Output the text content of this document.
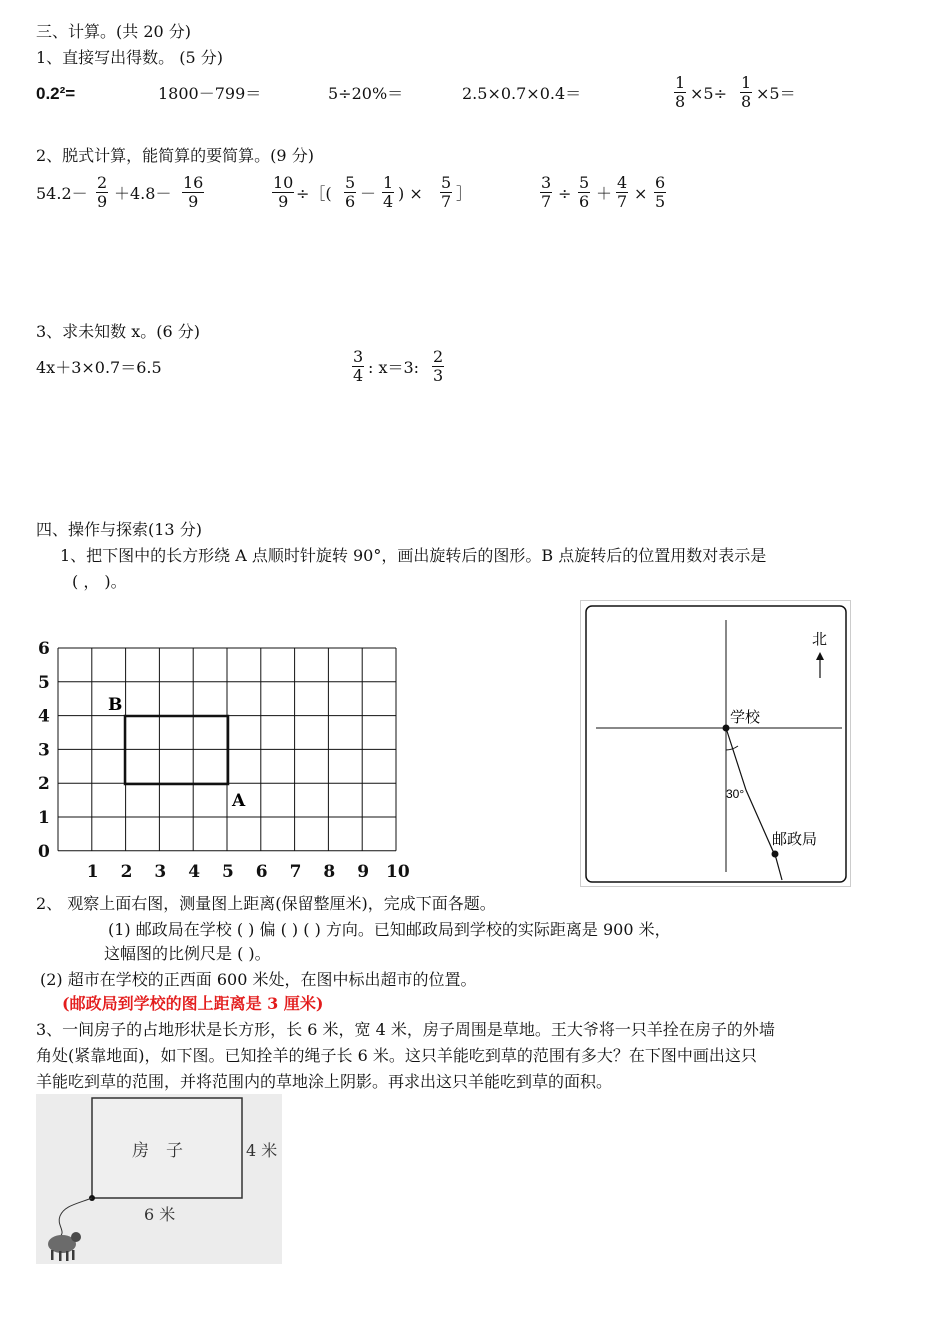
三、计算。(共 20 分)
1、直接写出得数。 (5 分)
0.2²=	1800－799＝	5÷20%＝	2.5×0.7×0.4＝	$\frac{1}{8} \times 5\div \frac{1}{8} \times 5=$
2、脱式计算，能简算的要简算。(9 分)
$54.2- \frac{2}{9} +4.8- \frac{16}{9}$	$\frac{10}{9}$ ÷［( $\frac{5}{6} - \frac{1}{4}$ ) × $\frac{5}{7}$ ］	$\frac{3}{7} \div \frac{5}{6} + \frac{4}{7} \times \frac{6}{5}$
3、求未知数 x。(6 分)
4x＋3×0.7＝6.5	$\frac{3}{4}$ : x＝3: $\frac{2}{3}$
四、操作与探索(13 分)
1、把下图中的长方形绕 A 点顺时针旋转 90°，画出旋转后的图形。B 点旋转后的位置用数对表示是
( ， )。
1 2 3 4 5 6 7 8 9 10
0
1
2
3
4
5
6
B
A
北
学校
30°
邮政局
2、 观察上面右图，测量图上距离(保留整厘米)，完成下面各题。
(1) 邮政局在学校 ( ) 偏 ( ) ( ) 方向。已知邮政局到学校的实际距离是 900 米，
这幅图的比例尺是 ( )。
(2) 超市在学校的正西面 600 米处，在图中标出超市的位置。
(邮政局到学校的图上距离是 3 厘米)
3、一间房子的占地形状是长方形，长 6 米，宽 4 米，房子周围是草地。王大爷将一只羊拴在房子的外墙
角处(紧靠地面)，如下图。已知拴羊的绳子长 6 米。这只羊能吃到草的范围有多大？在下图中画出这只
羊能吃到草的范围，并将范围内的草地涂上阴影。再求出这只羊能吃到草的面积。
房　子	4 米
6 米
